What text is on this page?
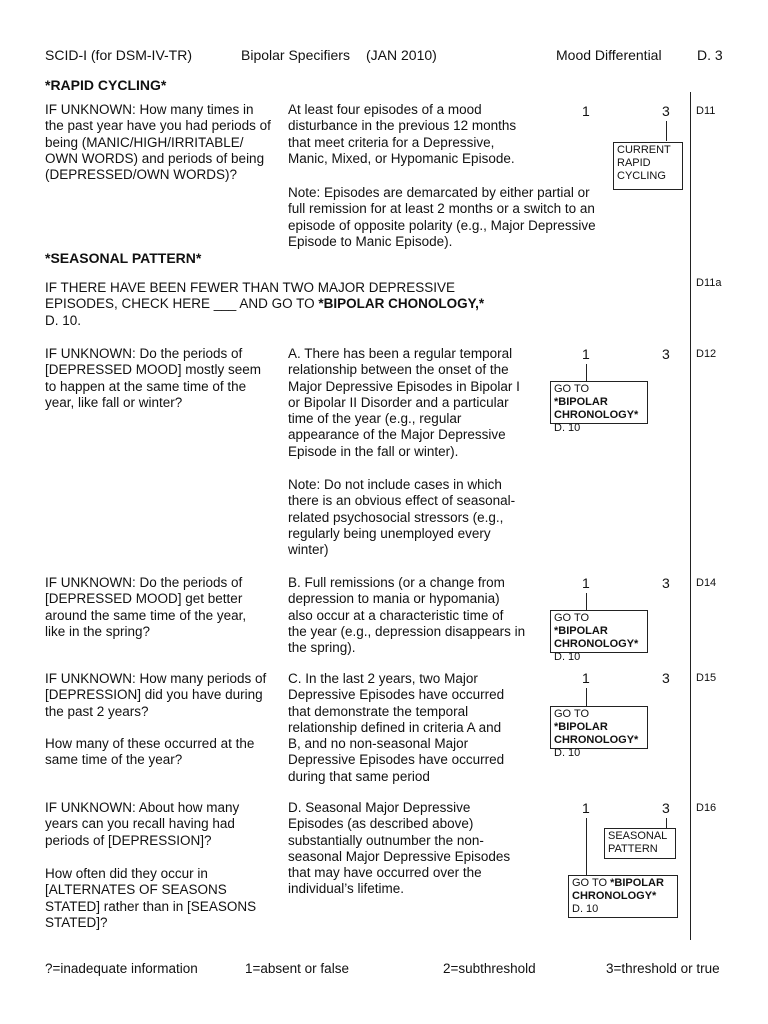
SCID-I (for DSM-IV-TR)	Bipolar Specifiers (JAN 2010)	Mood Differential	D. 3
*RAPID CYCLING*
IF UNKNOWN: How many times in
the past year have you had periods of
being (MANIC/HIGH/IRRITABLE/
OWN WORDS) and periods of being
(DEPRESSED/OWN WORDS)?
At least four episodes of a mood
disturbance in the previous 12 months
that meet criteria for a Depressive,
Manic, Mixed, or Hypomanic Episode.
Note: Episodes are demarcated by either partial or
full remission for at least 2 months or a switch to an
episode of opposite polarity (e.g., Major Depressive
Episode to Manic Episode).
1	3 D11
CURRENT
RAPID
CYCLING
*SEASONAL PATTERN*
IF THERE HAVE BEEN FEWER THAN TWO MAJOR DEPRESSIVE
EPISODES, CHECK HERE ___ AND GO TO *BIPOLAR CHONOLOGY,*
D. 10.
D11a
IF UNKNOWN: Do the periods of
[DEPRESSED MOOD] mostly seem
to happen at the same time of the
year, like fall or winter?
A. There has been a regular temporal
relationship between the onset of the
Major Depressive Episodes in Bipolar I
or Bipolar II Disorder and a particular
time of the year (e.g., regular
appearance of the Major Depressive
Episode in the fall or winter).
Note: Do not include cases in which
there is an obvious effect of seasonal-
related psychosocial stressors (e.g.,
regularly being unemployed every
winter)
1	3 D12
GO TO *BIPOLAR
CHRONOLOGY*
D. 10
IF UNKNOWN: Do the periods of
[DEPRESSED MOOD] get better
around the same time of the year,
like in the spring?
B. Full remissions (or a change from
depression to mania or hypomania)
also occur at a characteristic time of
the year (e.g., depression disappears in
the spring).
1	3 D14
GO TO *BIPOLAR
CHRONOLOGY*
D. 10
IF UNKNOWN: How many periods of
[DEPRESSION] did you have during
the past 2 years?
How many of these occurred at the
same time of the year?
C. In the last 2 years, two Major
Depressive Episodes have occurred
that demonstrate the temporal
relationship defined in criteria A and
B, and no non-seasonal Major
Depressive Episodes have occurred
during that same period
1	3 D15
GO TO *BIPOLAR
CHRONOLOGY*
D. 10
IF UNKNOWN: About how many
years can you recall having had
periods of [DEPRESSION]?
How often did they occur in
[ALTERNATES OF SEASONS
STATED] rather than in [SEASONS
STATED]?
D. Seasonal Major Depressive
Episodes (as described above)
substantially outnumber the non-
seasonal Major Depressive Episodes
that may have occurred over the
individual’s lifetime.
1	3 D16
SEASONAL
PATTERN
GO TO *BIPOLAR
CHRONOLOGY*
D. 10
?=inadequate information	1=absent or false	2=subthreshold	3=threshold or true
